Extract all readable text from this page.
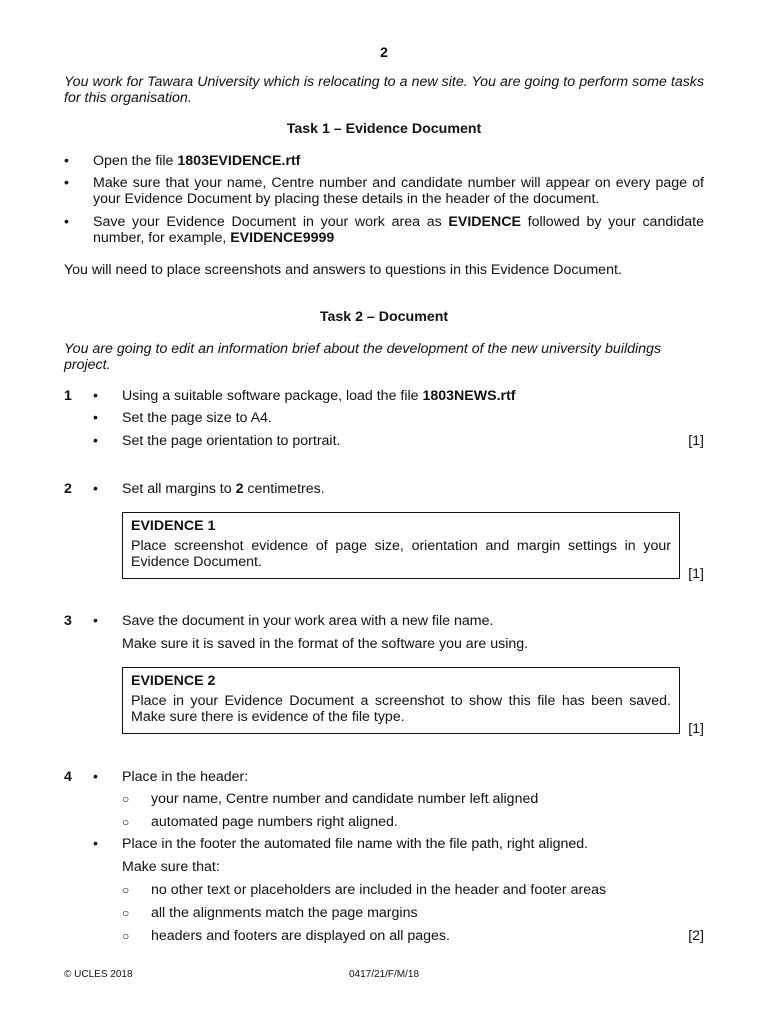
2
You work for Tawara University which is relocating to a new site. You are going to perform some tasks for this organisation.
Task 1 – Evidence Document
• Open the file 1803EVIDENCE.rtf
• Make sure that your name, Centre number and candidate number will appear on every page of your Evidence Document by placing these details in the header of the document.
• Save your Evidence Document in your work area as EVIDENCE followed by your candidate number, for example, EVIDENCE9999
You will need to place screenshots and answers to questions in this Evidence Document.
Task 2 – Document
You are going to edit an information brief about the development of the new university buildings project.
1 • Using a suitable software package, load the file 1803NEWS.rtf
• Set the page size to A4.
• Set the page orientation to portrait.	[1]
2 • Set all margins to 2 centimetres.
EVIDENCE 1
Place screenshot evidence of page size, orientation and margin settings in your Evidence Document.
[1]
3 • Save the document in your work area with a new file name.
Make sure it is saved in the format of the software you are using.
EVIDENCE 2
Place in your Evidence Document a screenshot to show this file has been saved. Make sure there is evidence of the file type.
[1]
4 • Place in the header:
○ your name, Centre number and candidate number left aligned
○ automated page numbers right aligned.
• Place in the footer the automated file name with the file path, right aligned.
Make sure that:
○ no other text or placeholders are included in the header and footer areas
○ all the alignments match the page margins
○ headers and footers are displayed on all pages.	[2]
© UCLES 2018	0417/21/F/M/18
